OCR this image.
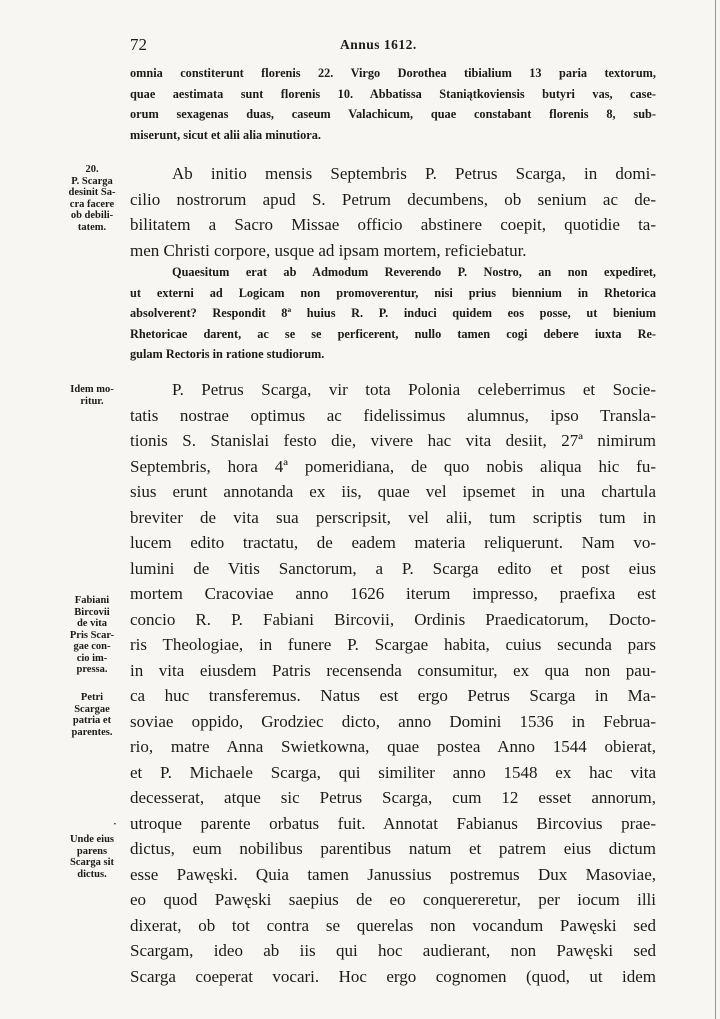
72	Annus 1612.
omnia constiterunt florenis 22. Virgo Dorothea tibialium 13 paria textorum,
quae aestimata sunt florenis 10. Abbatissa Staniątkoviensis butyri vas, case-
orum sexagenas duas, caseum Valachicum, quae constabant florenis 8, sub-
miserunt, sicut et alii alia minutiora.
Ab initio mensis Septembris P. Petrus Scarga, in domi-
cilio nostrorum apud S. Petrum decumbens, ob senium ac de-
bilitatem a Sacro Missae officio abstinere coepit, quotidie ta-
men Christi corpore, usque ad ipsam mortem, reficiebatur.
Quaesitum erat ab Admodum Reverendo P. Nostro, an non expediret,
ut externi ad Logicam non promoverentur, nisi prius biennium in Rhetorica
absolverent? Respondit 8ª huius R. P. induci quidem eos posse, ut bienium
Rhetoricae darent, ac se se perficerent, nullo tamen cogi debere iuxta Re-
gulam Rectoris in ratione studiorum.
P. Petrus Scarga, vir tota Polonia celeberrimus et Socie-
tatis nostrae optimus ac fidelissimus alumnus, ipso Transla-
tionis S. Stanislai festo die, vivere hac vita desiit, 27ª nimirum
Septembris, hora 4ª pomeridiana, de quo nobis aliqua hic fu-
sius erunt annotanda ex iis, quae vel ipsemet in una chartula
breviter de vita sua perscripsit, vel alii, tum scriptis tum in
lucem edito tractatu, de eadem materia reliquerunt. Nam vo-
lumini de Vitis Sanctorum, a P. Scarga edito et post eius
mortem Cracoviae anno 1626 iterum impresso, praefixa est
concio R. P. Fabiani Bircovii, Ordinis Praedicatorum, Docto-
ris Theologiae, in funere P. Scargae habita, cuius secunda pars
in vita eiusdem Patris recensenda consumitur, ex qua non pau-
ca huc transferemus. Natus est ergo Petrus Scarga in Ma-
soviae oppido, Grodziec dicto, anno Domini 1536 in Februa-
rio, matre Anna Swietkowna, quae postea Anno 1544 obierat,
et P. Michaele Scarga, qui similiter anno 1548 ex hac vita
decesserat, atque sic Petrus Scarga, cum 12 esset annorum,
utroque parente orbatus fuit. Annotat Fabianus Bircovius prae-
dictus, eum nobilibus parentibus natum et patrem eius dictum
esse Pawęski. Quia tamen Janussius postremus Dux Masoviae,
eo quod Pawęski saepius de eo conquereretur, per iocum illi
dixerat, ob tot contra se querelas non vocandum Pawęski sed
Scargam, ideo ab iis qui hoc audierant, non Pawęski sed
Scarga coeperat vocari. Hoc ergo cognomen (quod, ut idem
20.
P. Scarga
desinit Sa-
cra facere
ob debili-
tatem.
Idem mo-
ritur.
Fabiani
Bircovii
de vita
Pris Scar-
gae con-
cio im-
pressa.
Petri
Scargae
patria et
parentes.
Unde eius
parens
Scarga sit
dictus.
·
